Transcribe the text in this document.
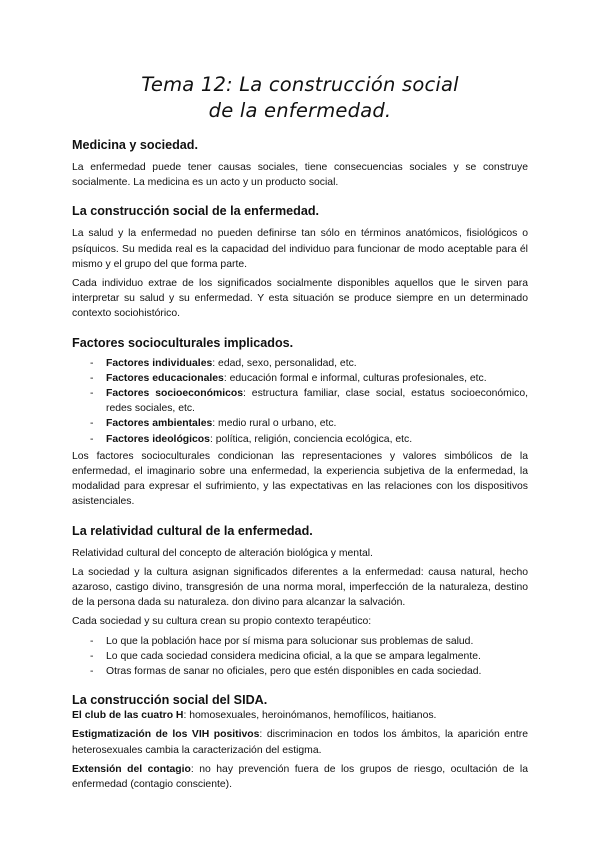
Tema 12: La construcción social
de la enfermedad.
Medicina y sociedad.

La enfermedad puede tener causas sociales, tiene consecuencias sociales y se construye socialmente. La medicina es un acto y un producto social.

La construcción social de la enfermedad.

La salud y la enfermedad no pueden definirse tan sólo en términos anatómicos, fisiológicos o psíquicos. Su medida real es la capacidad del individuo para funcionar de modo aceptable para él mismo y el grupo del que forma parte.

Cada individuo extrae de los significados socialmente disponibles aquellos que le sirven para interpretar su salud y su enfermedad. Y esta situación se produce siempre en un determinado contexto sociohistórico.

Factores socioculturales implicados.
- Factores individuales: edad, sexo, personalidad, etc.
- Factores educacionales: educación formal e informal, culturas profesionales, etc.
- Factores socioeconómicos: estructura familiar, clase social, estatus socioeconómico, redes sociales, etc.
- Factores ambientales: medio rural o urbano, etc.
- Factores ideológicos: política, religión, conciencia ecológica, etc.

Los factores socioculturales condicionan las representaciones y valores simbólicos de la enfermedad, el imaginario sobre una enfermedad, la experiencia subjetiva de la enfermedad, la modalidad para expresar el sufrimiento, y las expectativas en las relaciones con los dispositivos asistenciales.

La relatividad cultural de la enfermedad.

Relatividad cultural del concepto de alteración biológica y mental.

La sociedad y la cultura asignan significados diferentes a la enfermedad: causa natural, hecho azaroso, castigo divino, transgresión de una norma moral, imperfección de la naturaleza, destino de la persona dada su naturaleza. don divino para alcanzar la salvación.

Cada sociedad y su cultura crean su propio contexto terapéutico:

- Lo que la población hace por sí misma para solucionar sus problemas de salud.
- Lo que cada sociedad considera medicina oficial, a la que se ampara legalmente.
- Otras formas de sanar no oficiales, pero que estén disponibles en cada sociedad.
La construcción social del SIDA.

El club de las cuatro H: homosexuales, heroinómanos, hemofílicos, haitianos.

Estigmatización de los VIH positivos: discriminacion en todos los ámbitos, la aparición entre heterosexuales cambia la caracterización del estigma.

Extensión del contagio: no hay prevención fuera de los grupos de riesgo, ocultación de la enfermedad (contagio consciente).
